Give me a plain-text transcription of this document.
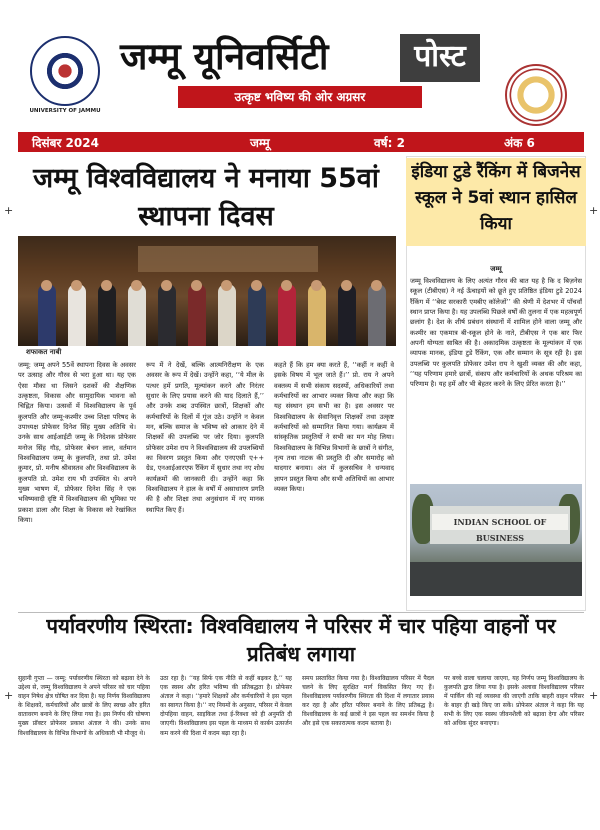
+	+
+	+
UNIVERSITY OF JAMMU
जम्मू यूनिवर्सिटी	पोस्ट
उत्कृष्ट भविष्य की ओर अग्रसर
दिसंबर 2024	जम्मू	वर्ष: 2	अंक 6
जम्मू विश्वविद्यालय ने मनाया 55वां स्थापना दिवस
शफाकत नाबी
जम्मू: जम्मू अपने 55वें स्थापना दिवस के अवसर पर उत्साह और गौरव से भरा हुआ था। यह एक ऐसा मौका था जिसने दशकों की शैक्षणिक उत्कृष्टता, विकास और सामुदायिक भावना को चिह्नित किया। उत्सवों में विश्वविद्यालय के पूर्व कुलपति और जम्मू-कश्मीर उच्च शिक्षा परिषद के उपाध्यक्ष प्रोफेसर दिनेश सिंह मुख्य अतिथि थे। उनके साथ आईआईटी जम्मू के निदेशक प्रोफेसर मनोज सिंह गौड़, प्रोफेसर बेचन लाल, वर्तमान विश्वविद्यालय जम्मू के कुलपति, तथा प्रो. उमेश कुमार, प्रो. मनीष श्रीवास्तव और विश्वविद्यालय के कुलपति प्रो. उमेश राय भी उपस्थित थे। अपने मुख्य भाषण में, प्रोफेसर दिनेश सिंह ने एक भविष्यवादी दृष्टि में विश्वविद्यालय की भूमिका पर प्रकाश डाला और शिक्षा के विकास को रेखांकित किया।
रूप में ने देखें, बल्कि आत्मनिरीक्षण के एक अवसर के रूप में देखें। उन्होंने कहा, ‘‘ये मील के पत्थर हमें प्रगति, मूल्यांकन करने और निरंतर सुधार के लिए प्रयास करने की याद दिलाते हैं,’’ और उनके शब्द उपस्थित छात्रों, शिक्षकों और कर्मचारियों के दिलों में गूंज उठे। उन्होंने न केवल मन, बल्कि समाज के भविष्य को आकार देने में शिक्षकों की उपलब्धि पर जोर दिया। कुलपति प्रोफेसर उमेश राय ने विश्वविद्यालय की उपलब्धियों का विवरण प्रस्तुत किया और एनएएसी ए++ ग्रेड, एनआईआरएफ रैंकिंग में सुधार तथा नए शोध कार्यक्रमों की जानकारी दी। उन्होंने कहा कि विश्वविद्यालय ने हाल के वर्षों में असाधारण प्रगति की है और शिक्षा तथा अनुसंधान में नए मानक स्थापित किए हैं।
कहते हैं कि हम क्या करते हैं, ‘‘कहीं न कहीं वे इसके विषय में भूल जाते हैं।’’ प्रो. राय ने अपने वक्तव्य में सभी संकाय सदस्यों, अधिकारियों तथा कर्मचारियों का आभार व्यक्त किया और कहा कि यह संस्थान हम सभी का है। इस अवसर पर विश्वविद्यालय के सेवानिवृत्त शिक्षकों तथा उत्कृष्ट कर्मचारियों को सम्मानित किया गया। कार्यक्रम में सांस्कृतिक प्रस्तुतियों ने सभी का मन मोह लिया। विश्वविद्यालय के विभिन्न विभागों के छात्रों ने संगीत, नृत्य तथा नाटक की प्रस्तुति दी और समारोह को यादगार बनाया। अंत में कुलसचिव ने धन्यवाद ज्ञापन प्रस्तुत किया और सभी अतिथियों का आभार व्यक्त किया।
इंडिया टुडे रैंकिंग में बिजनेस स्कूल ने 5वां स्थान हासिल किया
जम्मू
जम्मू विश्वविद्यालय के लिए अत्यंत गौरव की बात यह है कि द बिज़नेस स्कूल (टीबीएस) ने नई ऊँचाइयों को छूते हुए प्रतिष्ठित इंडिया टुडे 2024 रैंकिंग में ‘‘बेस्ट सरकारी एमबीए कॉलेजों’’ की श्रेणी में देशभर में पाँचवाँ स्थान प्राप्त किया है। यह उपलब्धि पिछले वर्षों की तुलना में एक महत्वपूर्ण छलांग है। देश के शीर्ष प्रबंधन संस्थानों में शामिल होने वाला जम्मू और कश्मीर का एकमात्र बी-स्कूल होने के नाते, टीबीएस ने एक बार फिर अपनी योग्यता साबित की है। अकादमिक उत्कृष्टता के मूल्यांकन में एक व्यापक मानक, इंडिया टुडे रैंकिंग, एक और सम्मान के सूत्र रही है। इस उपलब्धि पर कुलपति प्रोफेसर उमेश राय ने खुशी व्यक्त की और कहा, ‘‘यह परिणाम हमारे छात्रों, संकाय और कर्मचारियों के अथक परिश्रम का परिणाम है। यह हमें और भी बेहतर करने के लिए प्रेरित करता है।’’
INDIAN SCHOOL OF BUSINESS
पर्यावरणीय स्थिरता: विश्वविद्यालय ने परिसर में चार पहिया वाहनों पर प्रतिबंध लगाया
सुहानी गुप्ता — जम्मू: पर्यावरणीय स्थिरता को बढ़ावा देने के उद्देश्य से, जम्मू विश्वविद्यालय ने अपने परिसर को चार पहिया वाहन निषेध क्षेत्र घोषित कर दिया है। यह निर्णय विश्वविद्यालय के शिक्षकों, कर्मचारियों और छात्रों के लिए स्वच्छ और हरित वातावरण बनाने के लिए लिया गया है। इस निर्णय की घोषणा मुख्य प्रॉक्टर प्रोफेसर प्रकाश अंताल ने की। उनके साथ विश्वविद्यालय के विभिन्न विभागों के अधिकारी भी मौजूद थे।
उठा रहा है। ‘‘यह सिर्फ एक नीति से कहीं बढ़कर है,’’ यह एक स्वस्थ और हरित भविष्य की प्रतिबद्धता है। प्रोफेसर अंताल ने कहा। ‘‘हमारे शिक्षकों और कर्मचारियों ने इस पहल का स्वागत किया है।’’ नए नियमों के अनुसार, परिसर में केवल दोपहिया वाहन, साइकिल तथा ई-रिक्शा को ही अनुमति दी जाएगी। विश्वविद्यालय इस पहल के माध्यम से कार्बन उत्सर्जन कम करने की दिशा में कदम बढ़ा रहा है।
समय प्रस्तावित किया गया है। विश्वविद्यालय परिसर में पैदल चलने के लिए सुरक्षित मार्ग विकसित किए गए हैं। विश्वविद्यालय पर्यावरणीय स्थिरता की दिशा में लगातार प्रयास कर रहा है और हरित परिसर बनाने के लिए प्रतिबद्ध है। विश्वविद्यालय के कई छात्रों ने इस पहल का समर्थन किया है और इसे एक सकारात्मक कदम बताया है।
पर बच्चे वाला चलाया जाएगा, यह निर्णय जम्मू विश्वविद्यालय के कुलपति द्वारा लिया गया है। इसके अलावा विश्वविद्यालय परिसर में पार्किंग की नई व्यवस्था की जाएगी ताकि बाहरी वाहन परिसर के बाहर ही खड़े किए जा सकें। प्रोफेसर अंताल ने कहा कि यह सभी के लिए एक स्वस्थ जीवनशैली को बढ़ावा देगा और परिसर को अधिक सुंदर बनाएगा।
